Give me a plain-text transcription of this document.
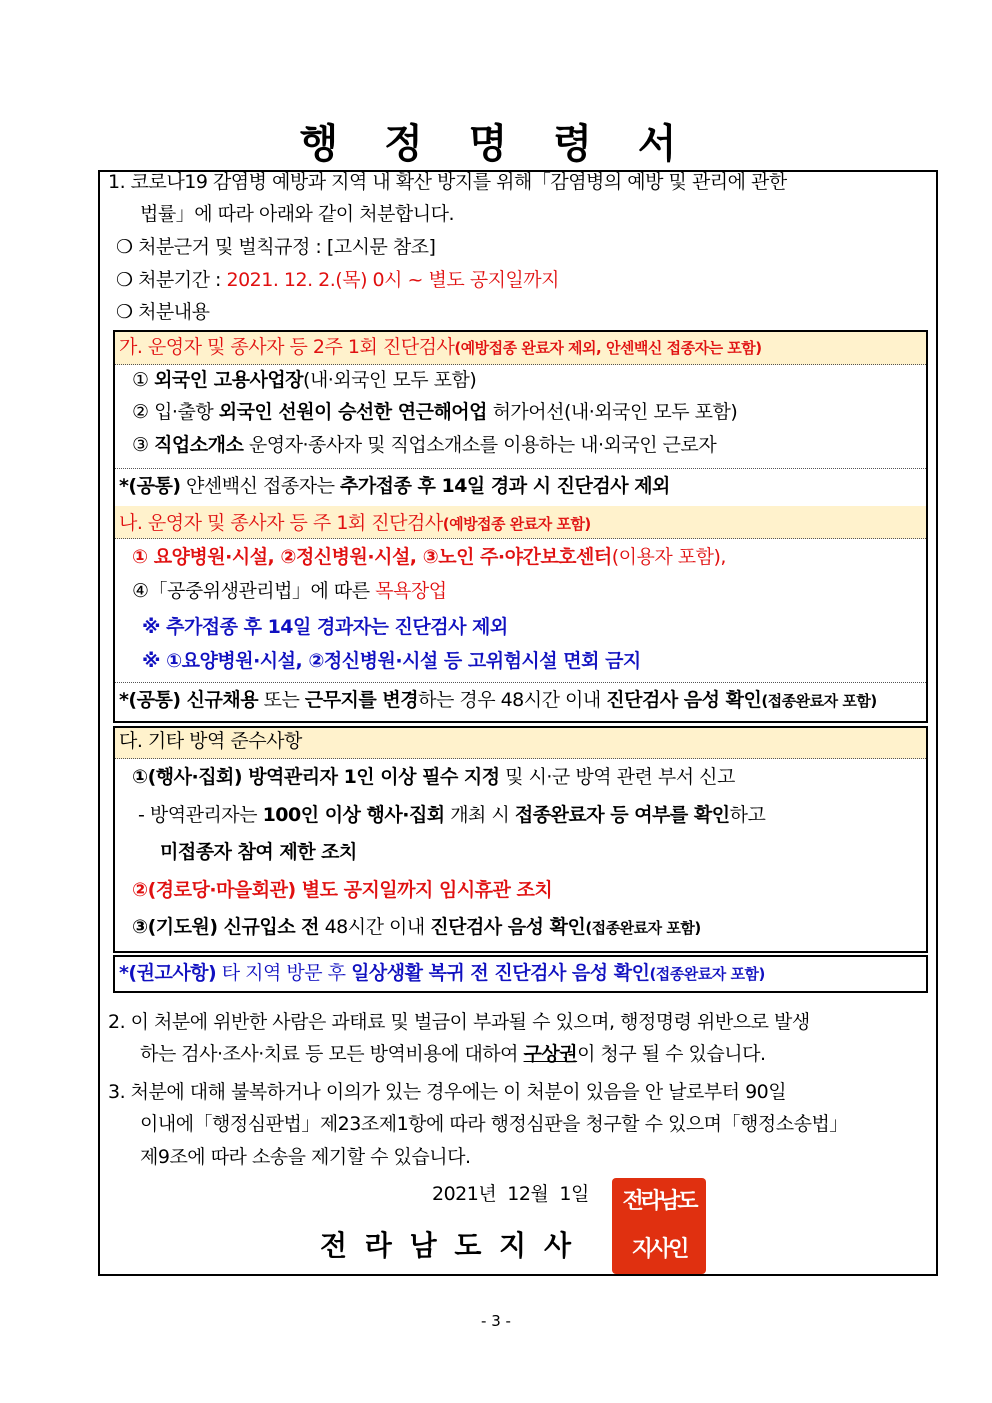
행 정 명 령 서
1. 코로나19 감염병 예방과 지역 내 확산 방지를 위해「감염병의 예방 및 관리에 관한
법률」에 따라 아래와 같이 처분합니다.
❍ 처분근거 및 벌칙규정 : [고시문 참조]
❍ 처분기간 : 2021. 12. 2.(목) 0시 ~ 별도 공지일까지
❍ 처분내용
가. 운영자 및 종사자 등 2주 1회 진단검사(예방접종 완료자 제외, 안센백신 접종자는 포함)
① 외국인 고용사업장(내·외국인 모두 포함)
② 입·출항 외국인 선원이 승선한 연근해어업 허가어선(내·외국인 모두 포함)
③ 직업소개소 운영자·종사자 및 직업소개소를 이용하는 내·외국인 근로자
*(공통) 얀센백신 접종자는 추가접종 후 14일 경과 시 진단검사 제외
나. 운영자 및 종사자 등 주 1회 진단검사(예방접종 완료자 포함)
① 요양병원·시설, ②정신병원·시설, ③노인 주·야간보호센터(이용자 포함),
④「공중위생관리법」에 따른 목욕장업
※ 추가접종 후 14일 경과자는 진단검사 제외
※ ①요양병원·시설, ②정신병원·시설 등 고위험시설 면회 금지
*(공통) 신규채용 또는 근무지를 변경하는 경우 48시간 이내 진단검사 음성 확인(접종완료자 포함)
다. 기타 방역 준수사항
①(행사·집회) 방역관리자 1인 이상 필수 지정 및 시·군 방역 관련 부서 신고
- 방역관리자는 100인 이상 행사·집회 개최 시 접종완료자 등 여부를 확인하고
미접종자 참여 제한 조치
②(경로당·마을회관) 별도 공지일까지 임시휴관 조치
③(기도원) 신규입소 전 48시간 이내 진단검사 음성 확인(접종완료자 포함)
*(권고사항) 타 지역 방문 후 일상생활 복귀 전 진단검사 음성 확인(접종완료자 포함)
2. 이 처분에 위반한 사람은 과태료 및 벌금이 부과될 수 있으며, 행정명령 위반으로 발생
하는 검사·조사·치료 등 모든 방역비용에 대하여 구상권이 청구 될 수 있습니다.
3. 처분에 대해 불복하거나 이의가 있는 경우에는 이 처분이 있음을 안 날로부터 90일
이내에「행정심판법」제23조제1항에 따라 행정심판을 청구할 수 있으며「행정소송법」
제9조에 따라 소송을 제기할 수 있습니다.
2021년  12월  1일
전 라 남 도 지 사
전라남도
지사인
- 3 -
